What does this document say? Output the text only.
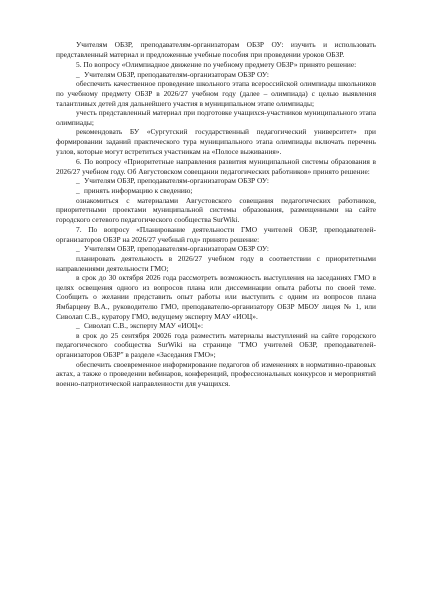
Учителям ОБЗР, преподавателям-организаторам ОБЗР ОУ: изучить и использовать представленный материал и предложенные учебные пособия при проведении уроков ОБЗР.

5. По вопросу «Олимпиадное движение по учебному предмету ОБЗР» принято решение:

_ Учителям ОБЗР, преподавателям-организаторам ОБЗР ОУ:

обеспечить качественное проведение школьного этапа всероссийской олимпиады школьников по учебному предмету ОБЗР в 2026/27 учебном году (далее – олимпиада) с целью выявления талантливых детей для дальнейшего участия в муниципальном этапе олимпиады;

учесть представленный материал при подготовке учащихся-участников муниципального этапа олимпиады;

рекомендовать БУ «Сургутский государственный педагогический университет» при формировании заданий практического тура муниципального этапа олимпиады включать перечень узлов, которые могут встретиться участникам на «Полосе выживания».

6. По вопросу «Приоритетные направления развития муниципальной системы образования в 2026/27 учебном году. Об Августовском совещании педагогических работников» принято решение:

_ Учителям ОБЗР, преподавателям-организаторам ОБЗР ОУ:

_ принять информацию к сведению;

ознакомиться с материалами Августовского совещания педагогических работников, приоритетными проектами муниципальной системы образования, размещенными на сайте городского сетевого педагогического сообщества SurWiki.

7. По вопросу «Планирование деятельности ГМО учителей ОБЗР, преподавателей-организаторов ОБЗР на 2026/27 учебный год» принято решение:

_ Учителям ОБЗР, преподавателям-организаторам ОБЗР ОУ:

планировать деятельность в 2026/27 учебном году в соответствии с приоритетными направлениями деятельности ГМО;

в срок до 30 октября 2026 года рассмотреть возможность выступления на заседаниях ГМО в целях освещения одного из вопросов плана или диссеминации опыта работы по своей теме. Сообщить о желании представить опыт работы или выступить с одним из вопросов плана Ямбарцеву В.А., руководителю ГМО, преподавателю-организатору ОБЗР МБОУ лицея № 1, или Сиволап С.В., куратору ГМО, ведущему эксперту МАУ «ИОЦ».

_ Сиволап С.В., эксперту МАУ «ИОЦ»:

в срок до 25 сентября 20026 года разместить материалы выступлений на сайте городского педагогического сообщества SurWiki на странице "ГМО учителей ОБЗР, преподавателей-организаторов ОБЗР" в разделе «Заседания ГМО»;

обеспечить своевременное информирование педагогов об изменениях в нормативно-правовых актах, а также о проведении вебинаров, конференций, профессиональных конкурсов и мероприятий военно-патриотической направленности для учащихся.
